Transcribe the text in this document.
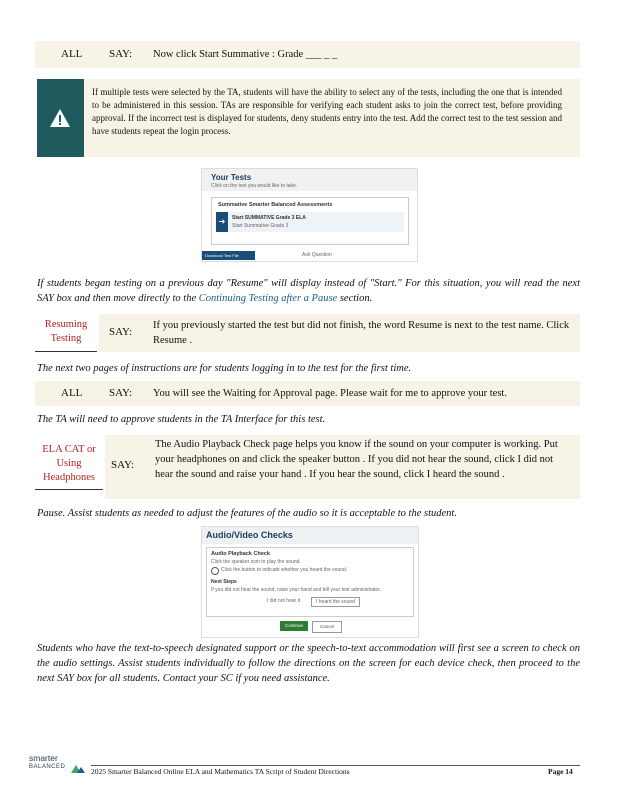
ALL SAY: Now click Start Summative : Grade ___ _ _
If multiple tests were selected by the TA, students will have the ability to select any of the tests, including the one that is intended to be administered in this session. TAs are responsible for verifying each student asks to join the correct test, before providing approval. If the incorrect test is displayed for students, deny students entry into the test. Add the correct test to the test session and have students repeat the login process.
Your Tests
Click on the test you would like to take.
Summative Smarter Balanced Assessments
➔	Start SUMMATIVE Grade 3 ELA
Start Summative Grade 3
Download Test File	Ask Question
If students began testing on a previous day "Resume" will display instead of "Start." For this situation, you will read the next SAY box and then move directly to the Continuing Testing after a Pause section.
Resuming Testing
SAY:
If you previously started the test but did not finish, the word Resume is next to the test name. Click Resume .
The next two pages of instructions are for students logging in to the test for the first time.
ALL SAY: You will see the Waiting for Approval page. Please wait for me to approve your test.
The TA will need to approve students in the TA Interface for this test.
ELA CAT or Using Headphones
SAY:
The Audio Playback Check page helps you know if the sound on your computer is working. Put your headphones on and click the speaker button . If you did not hear the sound, click I did not hear the sound and raise your hand . If you hear the sound, click I heard the sound .
Pause. Assist students as needed to adjust the features of the audio so it is acceptable to the student.
Audio/Video Checks
Audio Playback Check
Click the speaker icon to play the sound.
Click the button to indicate whether you heard the sound.
Next Steps
If you did not hear the sound, raise your hand and tell your test administrator.
I did not hear it	I heard the sound
Continue	Cancel
Students who have the text-to-speech designated support or the speech-to-text accommodation will first see a screen to check on the audio settings. Assist students individually to follow the directions on the screen for each device check, then proceed to the next SAY box for all students. Contact your SC if you need assistance.
smarter
BALANCED	2025 Smarter Balanced Online ELA and Mathematics TA Script of Student Directions	Page 14
